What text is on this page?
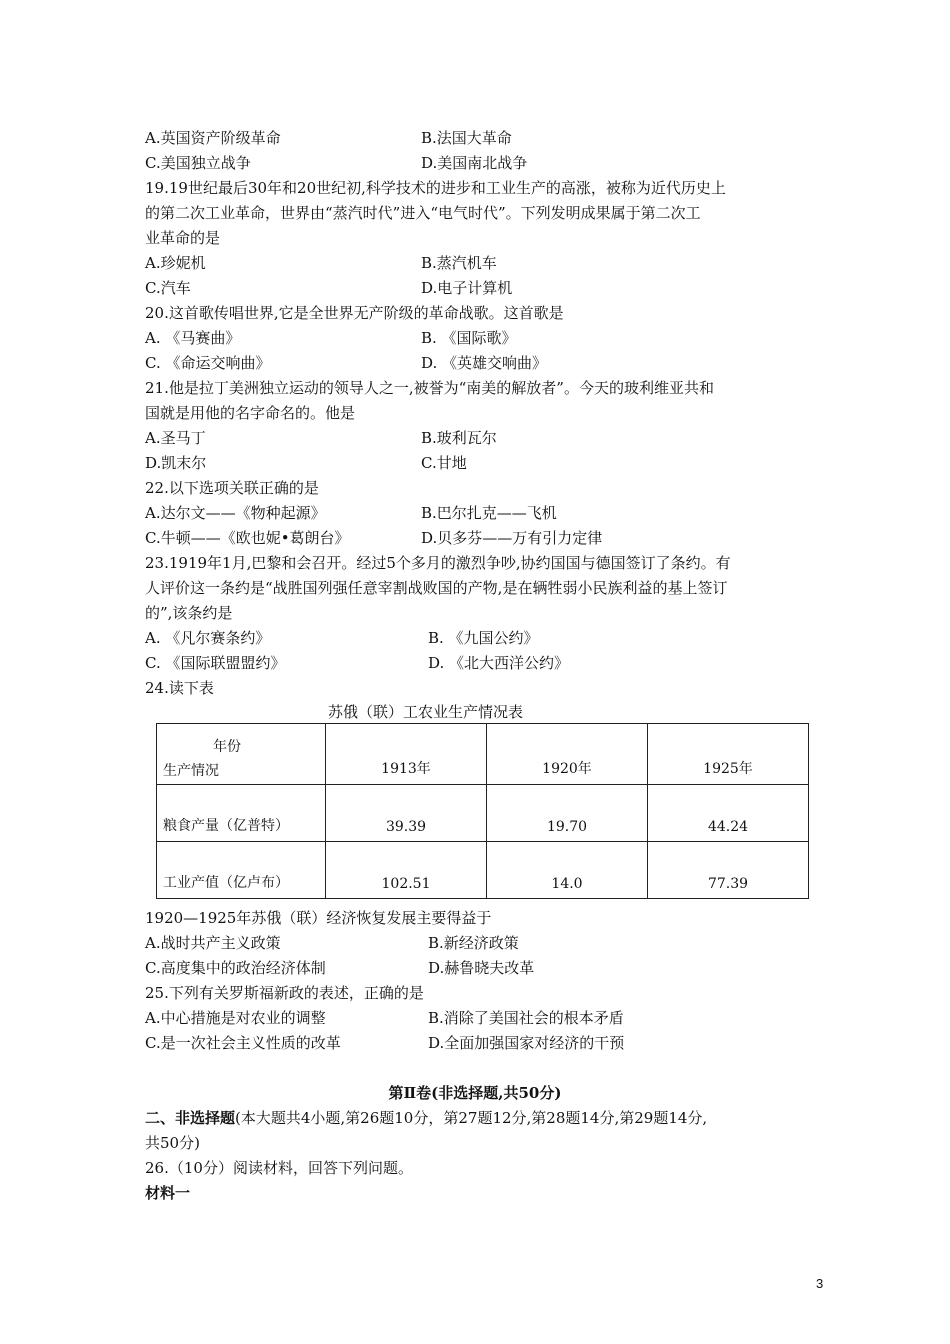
A.英国资产阶级革命	B.法国大革命
C.美国独立战争	D.美国南北战争
19.19世纪最后30年和20世纪初,科学技术的进步和工业生产的高涨，被称为近代历史上
的第二次工业革命，世界由“蒸汽时代”进入“电气时代”。下列发明成果属于第二次工
业革命的是
A.珍妮机	B.蒸汽机车
C.汽车	D.电子计算机
20.这首歌传唱世界,它是全世界无产阶级的革命战歌。这首歌是
A. 《马赛曲》	B. 《国际歌》
C. 《命运交响曲》	D. 《英雄交响曲》
21.他是拉丁美洲独立运动的领导人之一,被誉为“南美的解放者”。今天的玻利维亚共和
国就是用他的名字命名的。他是
A.圣马丁	B.玻利瓦尔
D.凯末尔	C.甘地
22.以下选项关联正确的是
A.达尔文——《物种起源》	B.巴尔扎克——飞机
C.牛顿——《欧也妮•葛朗台》	D.贝多芬——万有引力定律
23.1919年1月,巴黎和会召开。经过5个多月的激烈争吵,协约国国与德国签订了条约。有
人评价这一条约是“战胜国列强任意宰割战败国的产物,是在辆牲弱小民族利益的基上签订
的”,该条约是
A. 《凡尔赛条约》	B. 《九国公约》
C. 《国际联盟盟约》	D. 《北大西洋公约》
24.读下表
苏俄（联）工农业生产情况表
年份
生产情况	1913年	1920年	1925年
粮食产量（亿普特）	39.39	19.70	44.24
工业产值（亿卢布）	102.51	14.0	77.39
1920—1925年苏俄（联）经济恢复发展主要得益于
A.战时共产主义政策	B.新经济政策
C.高度集中的政治经济体制	D.赫鲁晓夫改革
25.下列有关罗斯福新政的表述，正确的是
A.中心措施是对农业的调整	B.消除了美国社会的根本矛盾
C.是一次社会主义性质的改革	D.全面加强国家对经济的干预
第Ⅱ卷(非选择题,共50分)
二、非选择题(本大题共4小题,第26题10分，第27题12分,第28题14分,第29题14分,
共50分)
26.（10分）阅读材料，回答下列问题。
材料一
3
